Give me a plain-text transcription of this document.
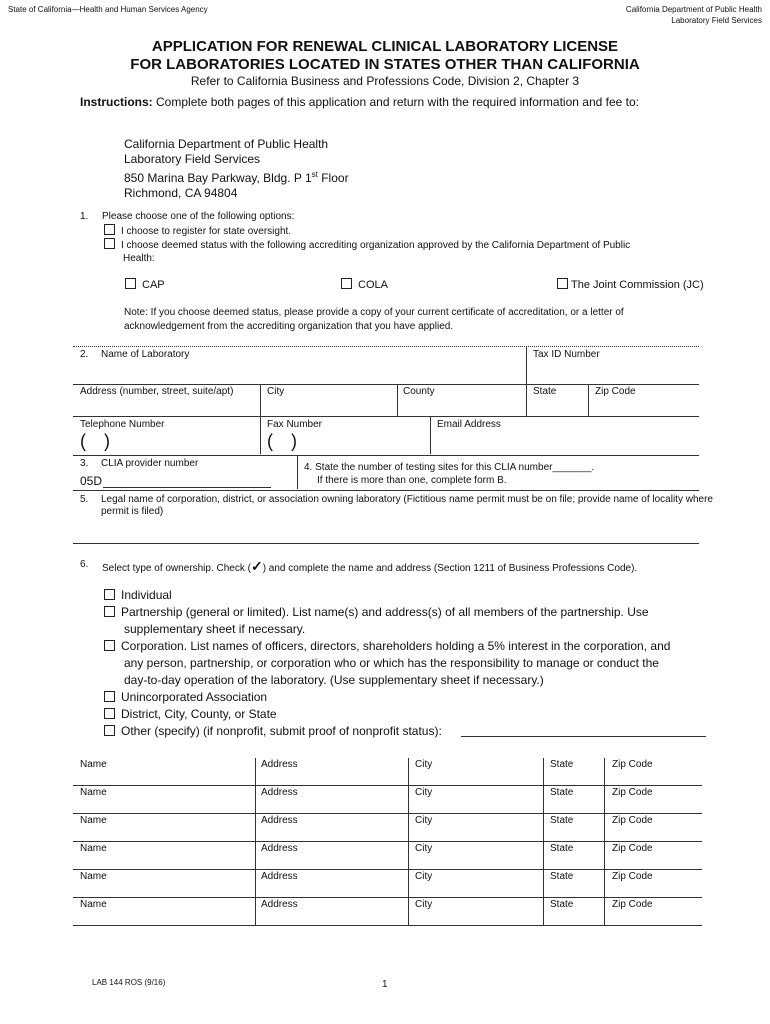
State of California—Health and Human Services Agency	California Department of Public Health
Laboratory Field Services
APPLICATION FOR RENEWAL CLINICAL LABORATORY LICENSE
FOR LABORATORIES LOCATED IN STATES OTHER THAN CALIFORNIA
Refer to California Business and Professions Code, Division 2, Chapter 3
Instructions: Complete both pages of this application and return with the required information and fee to:
California Department of Public Health
Laboratory Field Services
850 Marina Bay Parkway, Bldg. P 1st Floor
Richmond, CA 94804
1. Please choose one of the following options:
I choose to register for state oversight.
I choose deemed status with the following accrediting organization approved by the California Department of Public
Health:
CAP	COLA	The Joint Commission (JC)
Note: If you choose deemed status, please provide a copy of your current certificate of accreditation, or a letter of
acknowledgement from the accrediting organization that you have applied.
2. Name of Laboratory	Tax ID Number
Address (number, street, suite/apt)	City	County	State	Zip Code
Telephone Number	Fax Number	Email Address
( )	( )
3. CLIA provider number
05D
4. State the number of testing sites for this CLIA number_______.
If there is more than one, complete form B.
5. Legal name of corporation, district, or association owning laboratory (Fictitious name permit must be on file; provide name of locality where
permit is filed)
6. Select type of ownership. Check (✓) and complete the name and address (Section 1211 of Business Professions Code).
Individual
Partnership (general or limited). List name(s) and address(s) of all members of the partnership. Use
supplementary sheet if necessary.
Corporation. List names of officers, directors, shareholders holding a 5% interest in the corporation, and
any person, partnership, or corporation who or which has the responsibility to manage or conduct the
day-to-day operation of the laboratory. (Use supplementary sheet if necessary.)
Unincorporated Association
District, City, County, or State
Other (specify) (if nonprofit, submit proof of nonprofit status):
Name	Address	City	State	Zip Code
Name	Address	City	State	Zip Code
Name	Address	City	State	Zip Code
Name	Address	City	State	Zip Code
Name	Address	City	State	Zip Code
Name	Address	City	State	Zip Code
LAB 144 ROS (9/16)	1
